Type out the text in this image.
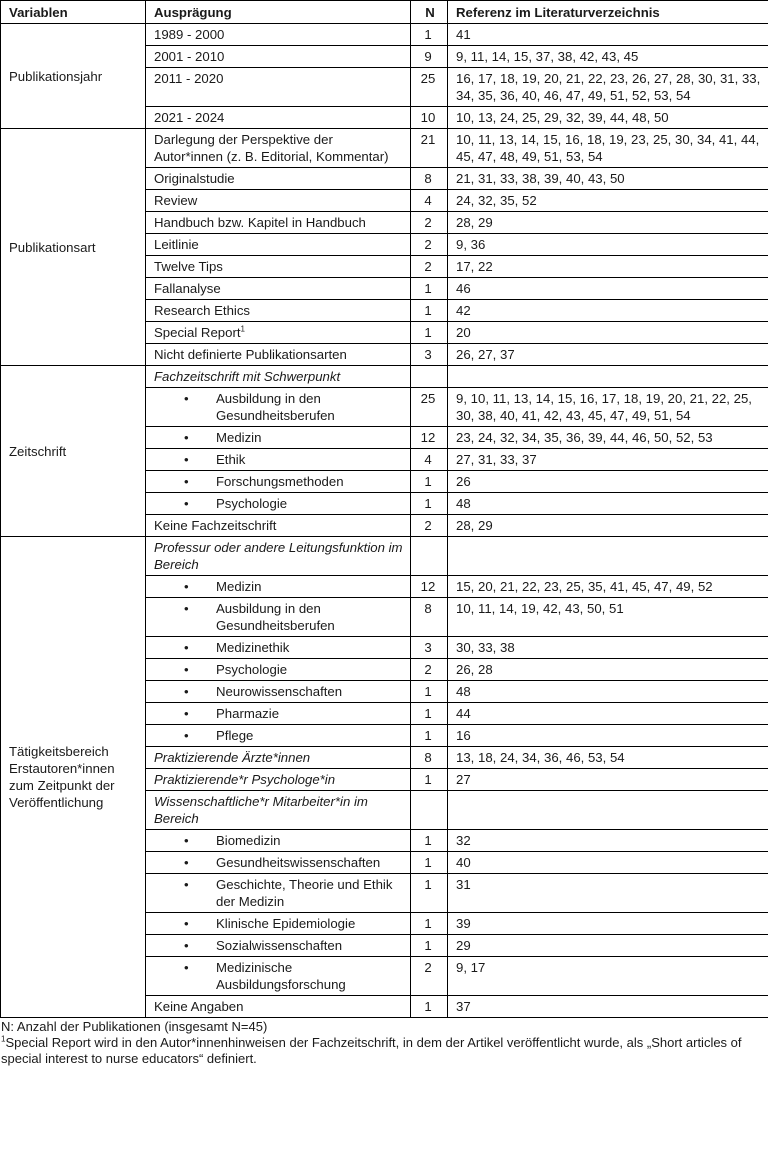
Variablen	Ausprägung	N	Referenz im Literaturverzeichnis
Publikationsjahr	1989 - 2000	1	41
	2001 - 2010	9	9, 11, 14, 15, 37, 38, 42, 43, 45
	2011 - 2020	25	16, 17, 18, 19, 20, 21, 22, 23, 26, 27, 28, 30, 31, 33, 34, 35, 36, 40, 46, 47, 49, 51, 52, 53, 54
	2021 - 2024	10	10, 13, 24, 25, 29, 32, 39, 44, 48, 50
Publikationsart	Darlegung der Perspektive der Autor*innen (z. B. Editorial, Kommentar)	21	10, 11, 13, 14, 15, 16, 18, 19, 23, 25, 30, 34, 41, 44, 45, 47, 48, 49, 51, 53, 54
	Originalstudie	8	21, 31, 33, 38, 39, 40, 43, 50
	Review	4	24, 32, 35, 52
	Handbuch bzw. Kapitel in Handbuch	2	28, 29
	Leitlinie	2	9, 36
	Twelve Tips	2	17, 22
	Fallanalyse	1	46
	Research Ethics	1	42
	Special Report$^1$	1	20
	Nicht definierte Publikationsarten	3	26, 27, 37
Zeitschrift	Fachzeitschrift mit Schwerpunkt		

	• Ausbildung in den Gesundheitsberufen	25	9, 10, 11, 13, 14, 15, 16, 17, 18, 19, 20, 21, 22, 25, 30, 38, 40, 41, 42, 43, 45, 47, 49, 51, 54

	• Medizin	12	23, 24, 32, 34, 35, 36, 39, 44, 46, 50, 52, 53

	• Ethik	4	27, 31, 33, 37

	• Forschungsmethoden	1	26

	• Psychologie	1	48
	Keine Fachzeitschrift	2	28, 29
Tätigkeitsbereich Erstautoren*innen zum Zeitpunkt der Veröffentlichung	Professur oder andere Leitungsfunktion im Bereich		

	• Medizin	12	15, 20, 21, 22, 23, 25, 35, 41, 45, 47, 49, 52

	• Ausbildung in den Gesundheitsberufen	8	10, 11, 14, 19, 42, 43, 50, 51

	• Medizinethik	3	30, 33, 38

	• Psychologie	2	26, 28

	• Neurowissenschaften	1	48

	• Pharmazie	1	44

	• Pflege	1	16
	Praktizierende Ärzte*innen	8	13, 18, 24, 34, 36, 46, 53, 54
	Praktizierende*r Psychologe*in	1	27
	Wissenschaftliche*r Mitarbeiter*in im Bereich		

	• Biomedizin	1	32

	• Gesundheitswissenschaften	1	40

	• Geschichte, Theorie und Ethik der Medizin	1	31

	• Klinische Epidemiologie	1	39

	• Sozialwissenschaften	1	29

	• Medizinische Ausbildungsforschung	2	9, 17
	Keine Angaben	1	37
N: Anzahl der Publikationen (insgesamt N=45)
$^1$Special Report wird in den Autor*innenhinweisen der Fachzeitschrift, in dem der Artikel veröffentlicht wurde, als „Short articles of special interest to nurse educators“ definiert.
